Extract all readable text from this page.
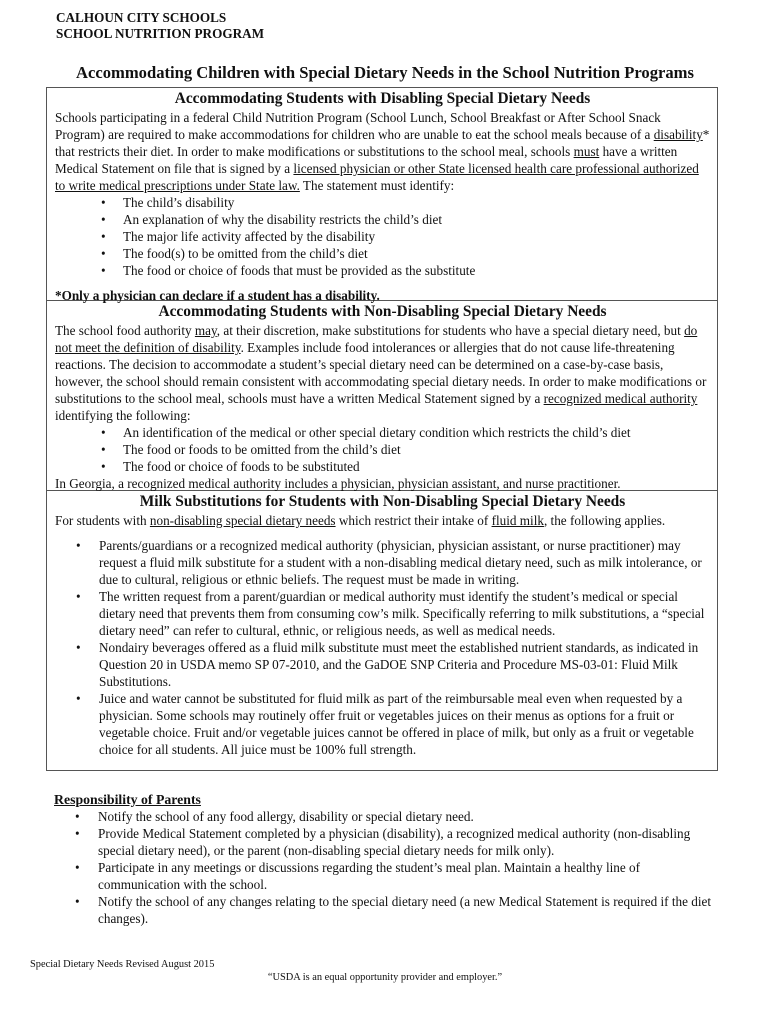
CALHOUN CITY SCHOOLS
SCHOOL NUTRITION PROGRAM
Accommodating Children with Special Dietary Needs in the School Nutrition Programs
Accommodating Students with Disabling Special Dietary Needs

Schools participating in a federal Child Nutrition Program (School Lunch, School Breakfast or After School Snack Program) are required to make accommodations for children who are unable to eat the school meals because of a disability* that restricts their diet. In order to make modifications or substitutions to the school meal, schools must have a written Medical Statement on file that is signed by a licensed physician or other State licensed health care professional authorized to write medical prescriptions under State law. The statement must identify:

• The child’s disability
• An explanation of why the disability restricts the child’s diet
• The major life activity affected by the disability
• The food(s) to be omitted from the child’s diet
• The food or choice of foods that must be provided as the substitute

*Only a physician can declare if a student has a disability.

Accommodating Students with Non-Disabling Special Dietary Needs

The school food authority may, at their discretion, make substitutions for students who have a special dietary need, but do not meet the definition of disability. Examples include food intolerances or allergies that do not cause life-threatening reactions. The decision to accommodate a student’s special dietary need can be determined on a case-by-case basis, however, the school should remain consistent with accommodating special dietary needs. In order to make modifications or substitutions to the school meal, schools must have a written Medical Statement signed by a recognized medical authority identifying the following:

• An identification of the medical or other special dietary condition which restricts the child’s diet
• The food or foods to be omitted from the child’s diet
• The food or choice of foods to be substituted

In Georgia, a recognized medical authority includes a physician, physician assistant, and nurse practitioner.

Milk Substitutions for Students with Non-Disabling Special Dietary Needs

For students with non-disabling special dietary needs which restrict their intake of fluid milk, the following applies.

• Parents/guardians or a recognized medical authority (physician, physician assistant, or nurse practitioner) may request a fluid milk substitute for a student with a non-disabling medical dietary need, such as milk intolerance, or due to cultural, religious or ethnic beliefs. The request must be made in writing.
• The written request from a parent/guardian or medical authority must identify the student’s medical or special dietary need that prevents them from consuming cow’s milk. Specifically referring to milk substitutions, a “special dietary need” can refer to cultural, ethnic, or religious needs, as well as medical needs.
• Nondairy beverages offered as a fluid milk substitute must meet the established nutrient standards, as indicated in Question 20 in USDA memo SP 07-2010, and the GaDOE SNP Criteria and Procedure MS-03-01: Fluid Milk Substitutions.
• Juice and water cannot be substituted for fluid milk as part of the reimbursable meal even when requested by a physician. Some schools may routinely offer fruit or vegetables juices on their menus as options for a fruit or vegetable choice. Fruit and/or vegetable juices cannot be offered in place of milk, but only as a fruit or vegetable choice for all students. All juice must be 100% full strength.
Responsibility of Parents
• Notify the school of any food allergy, disability or special dietary need.
• Provide Medical Statement completed by a physician (disability), a recognized medical authority (non-disabling special dietary need), or the parent (non-disabling special dietary needs for milk only).
• Participate in any meetings or discussions regarding the student’s meal plan. Maintain a healthy line of communication with the school.
• Notify the school of any changes relating to the special dietary need (a new Medical Statement is required if the diet changes).
Special Dietary Needs Revised August 2015
“USDA is an equal opportunity provider and employer.”
